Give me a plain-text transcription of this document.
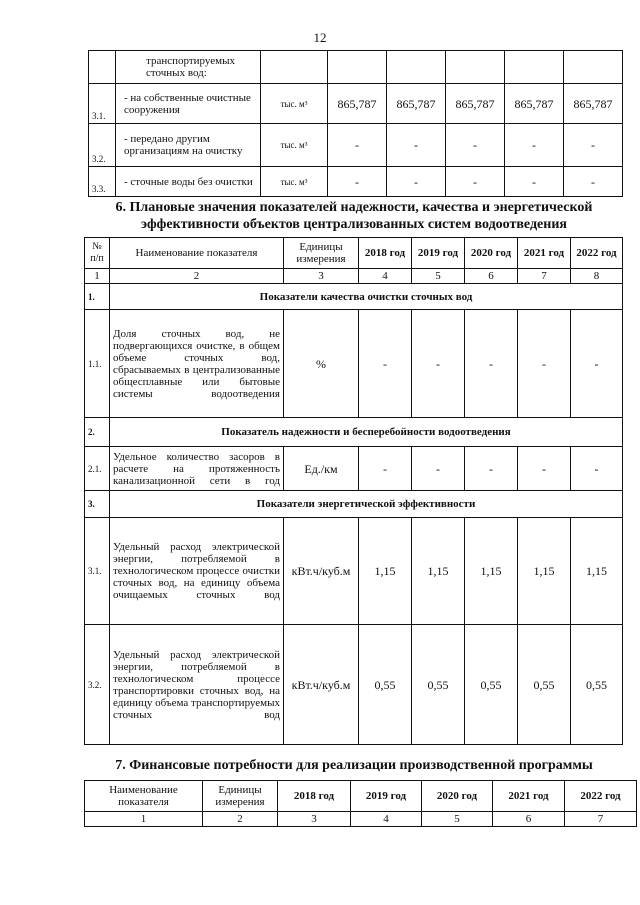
12
	транспортируемых сточных вод:						
3.1.	- на собственные очистные сооружения	тыс. м³	865,787	865,787	865,787	865,787	865,787
3.2.	- передано другим организациям на очистку	тыс. м³	-	-	-	-	-
3.3.	- сточные воды без очистки	тыс. м³	-	-	-	-	-
6. Плановые значения показателей надежности, качества и энергетической
эффективности объектов централизованных систем водоотведения
№ п/п	Наименование показателя	Единицы измерения	2018 год	2019 год	2020 год	2021 год	2022 год
1	2	3	4	5	6	7	8
1.	Показатели качества очистки сточных вод						
1.1.	Доля сточных вод, не подвергающихся очистке, в общем объеме сточных вод, сбрасываемых в централизованные общесплавные или бытовые системы водоотведения	%	-	-	-	-	-
2.	Показатель надежности и бесперебойности водоотведения						
2.1.	Удельное количество засоров в расчете на протяженность канализационной сети в год	Ед./км	-	-	-	-	-
3.	Показатели энергетической эффективности						
3.1.	Удельный расход электрической энергии, потребляемой в технологическом процессе очистки сточных вод, на единицу объема очищаемых сточных вод	кВт.ч/куб.м	1,15	1,15	1,15	1,15	1,15
3.2.	Удельный расход электрической энергии, потребляемой в технологическом процессе транспортировки сточных вод, на единицу объема транспортируемых сточных вод	кВт.ч/куб.м	0,55	0,55	0,55	0,55	0,55
7. Финансовые потребности для реализации производственной программы
Наименование показателя	Единицы измерения	2018 год	2019 год	2020 год	2021 год	2022 год
1	2	3	4	5	6	7
